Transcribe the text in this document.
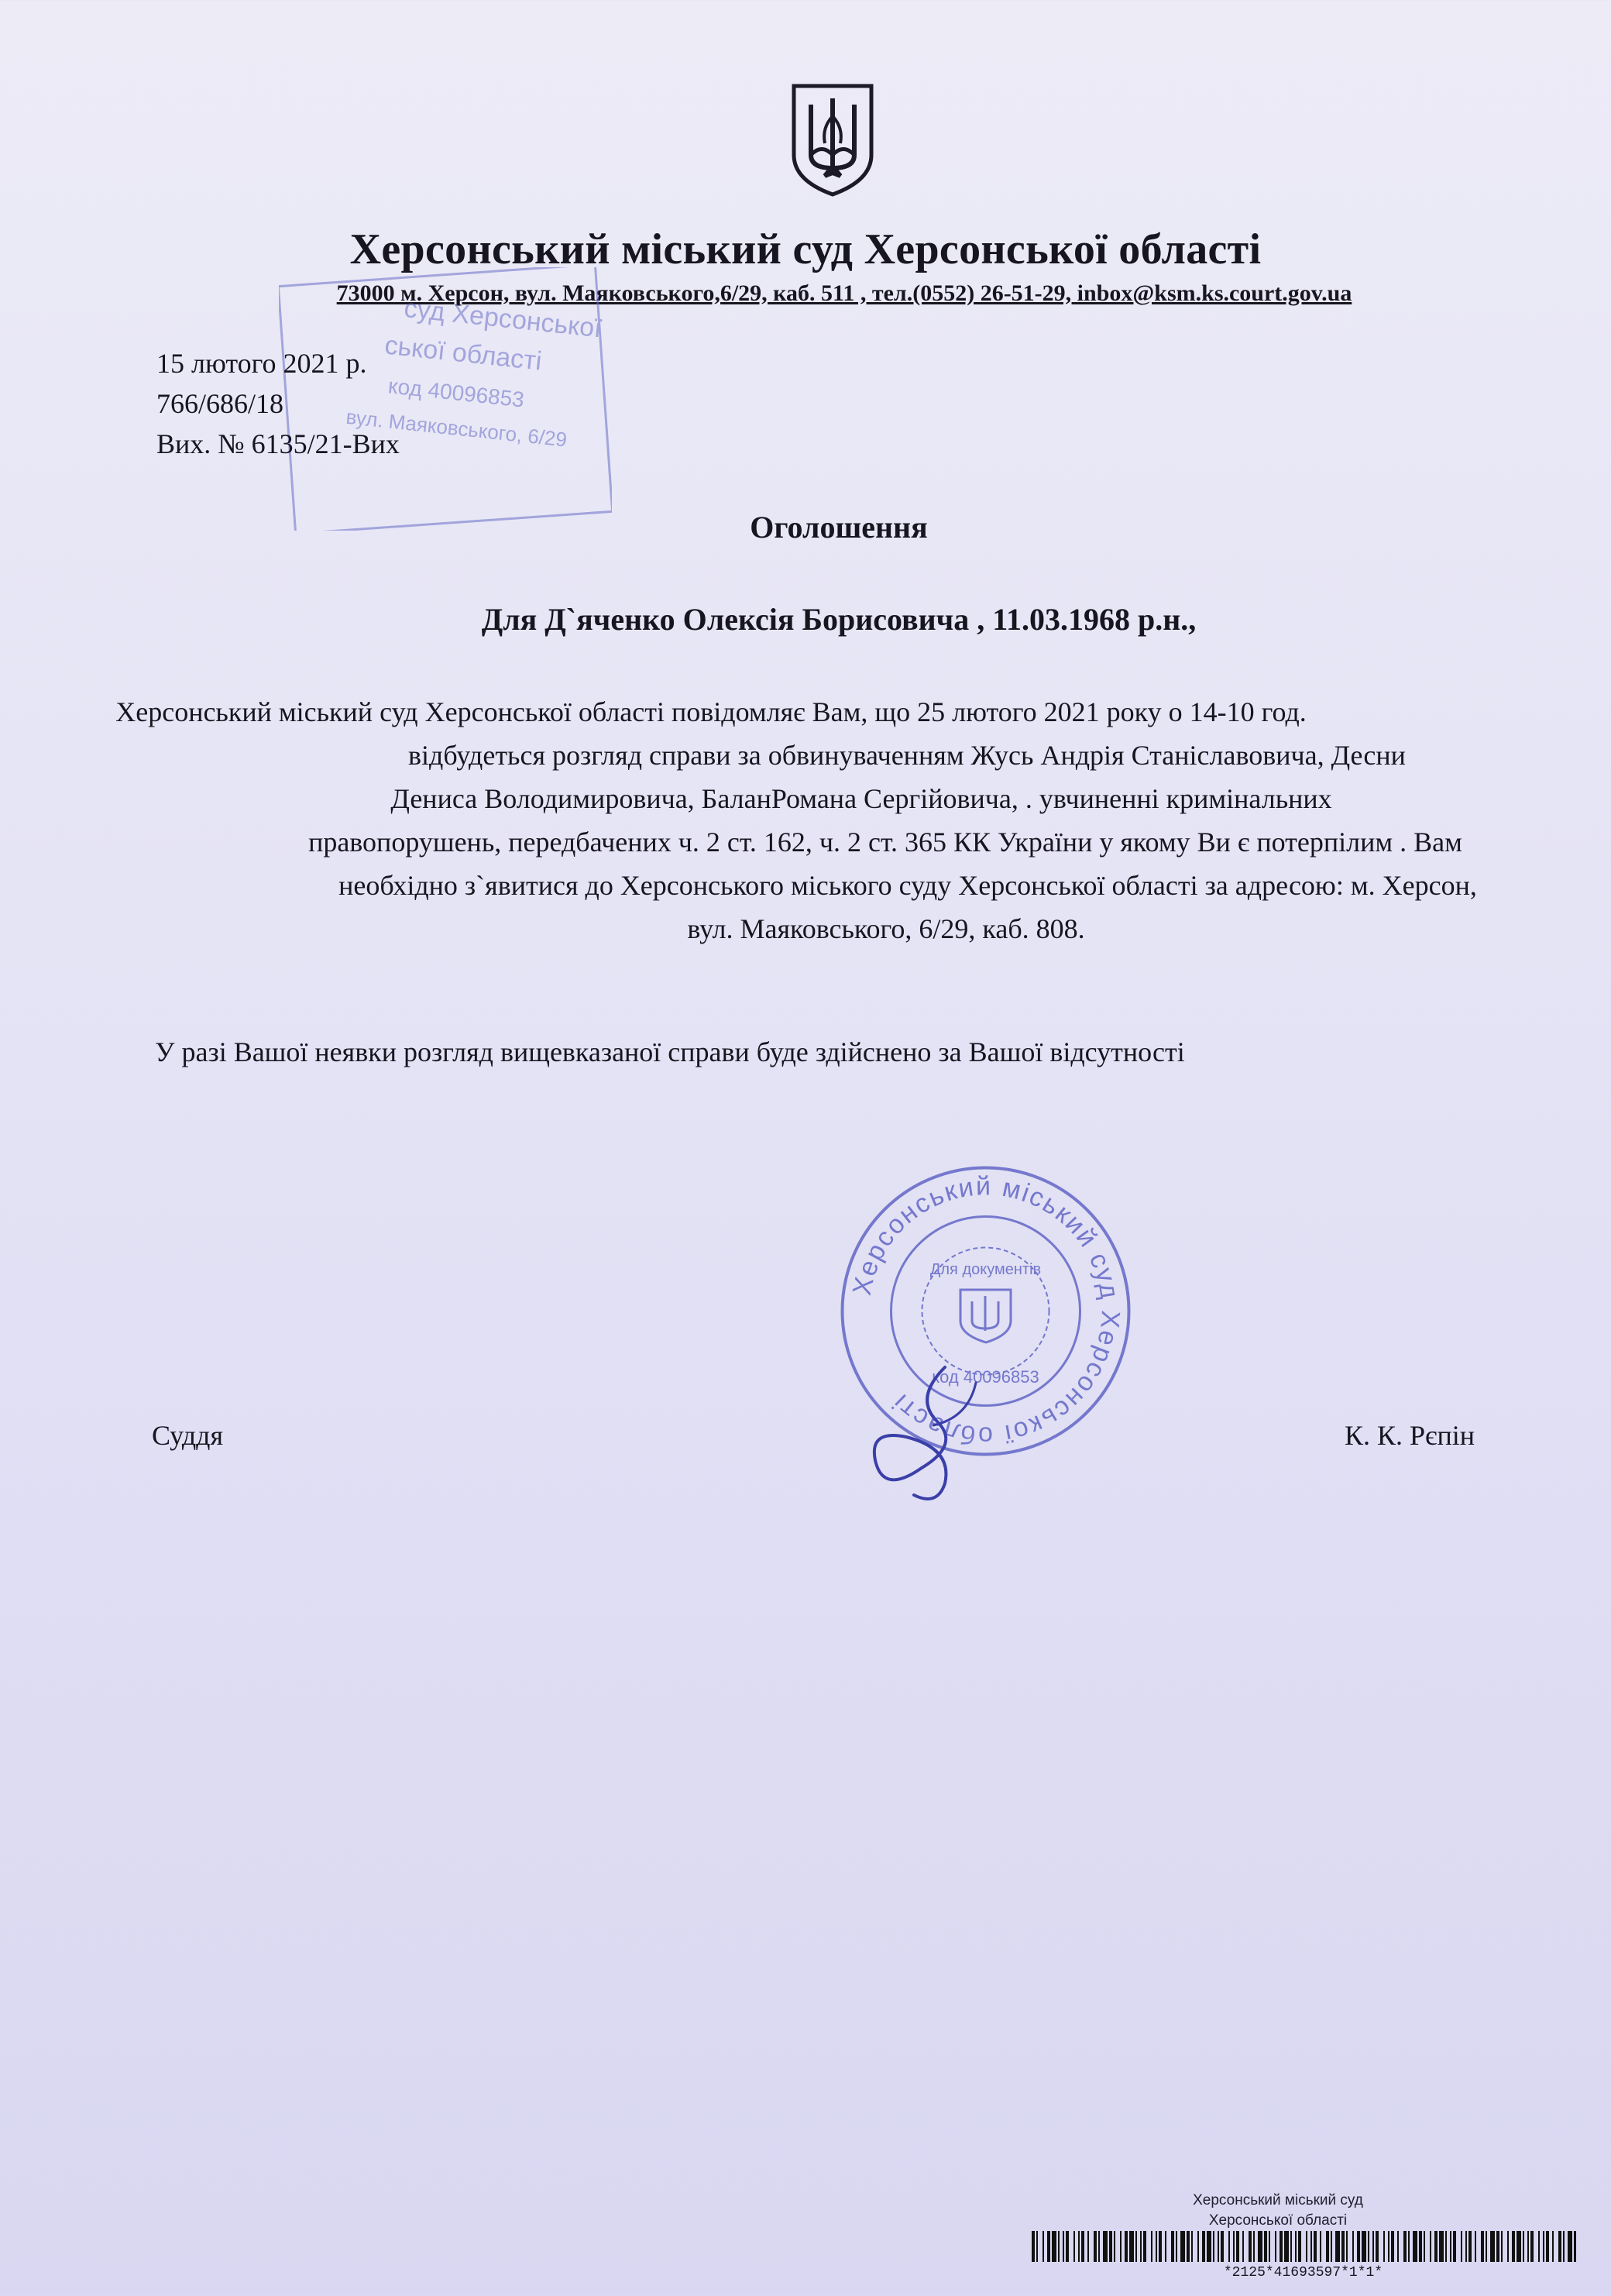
Херсонський міський суд Херсонської області
73000 м. Херсон, вул. Маяковського,6/29, каб. 511 , тел.(0552) 26-51-29, inbox@ksm.ks.court.gov.ua
суд Херсонської
ської області
код 40096853
вул. Маяковського, 6/29
15 лютого 2021 р.
766/686/18
Вих. № 6135/21-Вих
Оголошення
Для Д`яченко Олексія Борисовича , 11.03.1968 р.н.,
Херсонський міський суд Херсонської області повідомляє Вам, що 25 лютого 2021 року о 14-10 год.
відбудеться розгляд справи за обвинуваченням Жусь Андрія Станіславовича, Десни
Дениса Володимировича, БаланРомана Сергійовича, . увчиненні кримінальних
правопорушень, передбачених ч. 2 ст. 162, ч. 2 ст. 365 КК України у якому Ви є потерпілим . Вам
необхідно з`явитися до Херсонського міського суду Херсонської області за адресою: м. Херсон,
вул. Маяковського, 6/29, каб. 808.
У разі Вашої неявки розгляд вищевказаної справи буде здійснено за Вашої відсутності
Херсонський міський суд Херсонської області
Для документів
код 40096853
Суддя	К. К. Рєпін
Херсонський міський суд
Херсонської області
*2125*41693597*1*1*
